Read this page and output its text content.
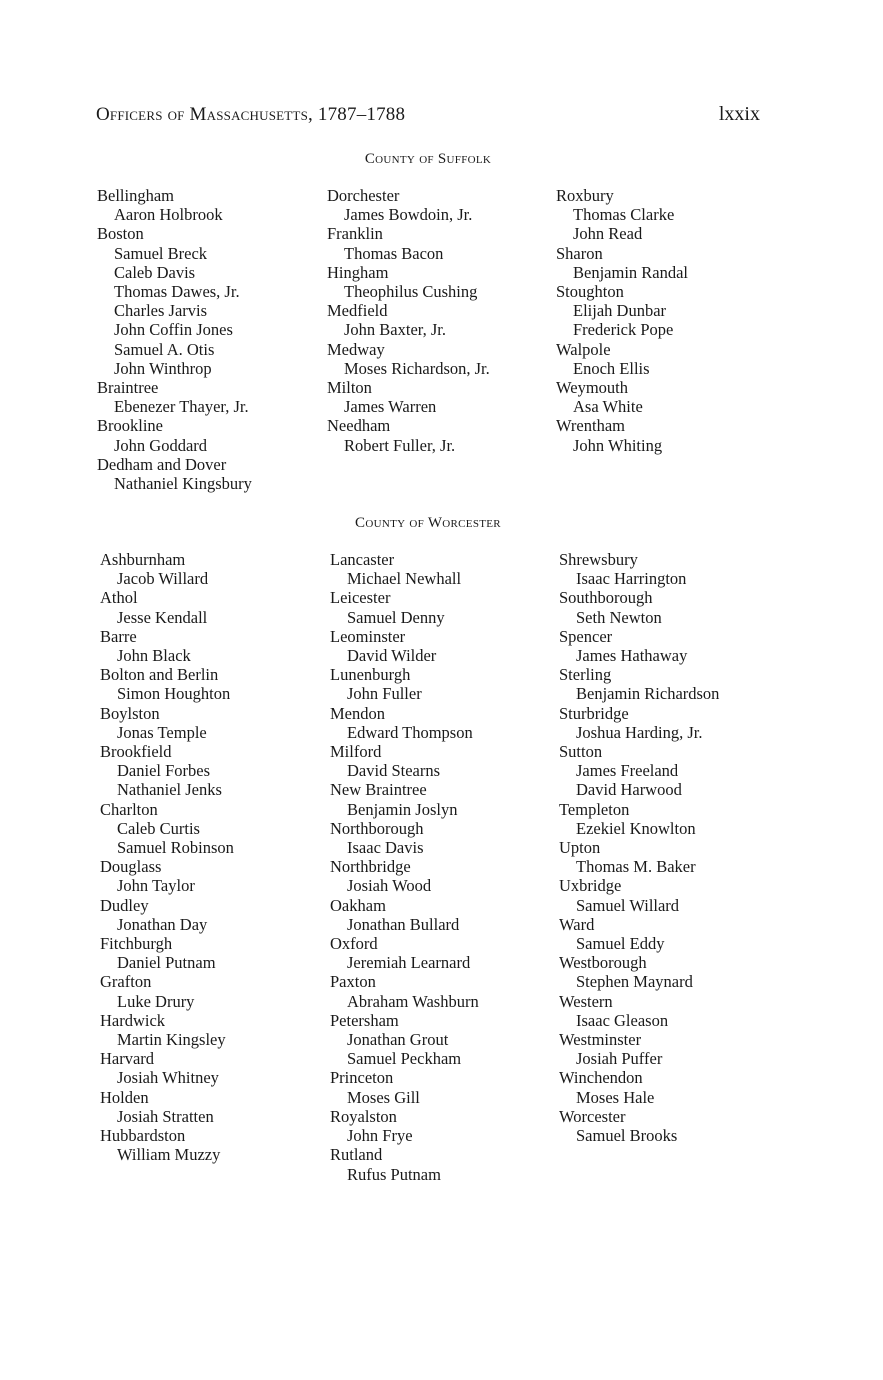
Officers of Massachusetts, 1787–1788	lxxix
County of Suffolk
Bellingham
Aaron Holbrook
Boston
Samuel Breck
Caleb Davis
Thomas Dawes, Jr.
Charles Jarvis
John Coffin Jones
Samuel A. Otis
John Winthrop
Braintree
Ebenezer Thayer, Jr.
Brookline
John Goddard
Dedham and Dover
Nathaniel Kingsbury
Dorchester
James Bowdoin, Jr.
Franklin
Thomas Bacon
Hingham
Theophilus Cushing
Medfield
John Baxter, Jr.
Medway
Moses Richardson, Jr.
Milton
James Warren
Needham
Robert Fuller, Jr.
Roxbury
Thomas Clarke
John Read
Sharon
Benjamin Randal
Stoughton
Elijah Dunbar
Frederick Pope
Walpole
Enoch Ellis
Weymouth
Asa White
Wrentham
John Whiting
County of Worcester
Ashburnham
Jacob Willard
Athol
Jesse Kendall
Barre
John Black
Bolton and Berlin
Simon Houghton
Boylston
Jonas Temple
Brookfield
Daniel Forbes
Nathaniel Jenks
Charlton
Caleb Curtis
Samuel Robinson
Douglass
John Taylor
Dudley
Jonathan Day
Fitchburgh
Daniel Putnam
Grafton
Luke Drury
Hardwick
Martin Kingsley
Harvard
Josiah Whitney
Holden
Josiah Stratten
Hubbardston
William Muzzy
Lancaster
Michael Newhall
Leicester
Samuel Denny
Leominster
David Wilder
Lunenburgh
John Fuller
Mendon
Edward Thompson
Milford
David Stearns
New Braintree
Benjamin Joslyn
Northborough
Isaac Davis
Northbridge
Josiah Wood
Oakham
Jonathan Bullard
Oxford
Jeremiah Learnard
Paxton
Abraham Washburn
Petersham
Jonathan Grout
Samuel Peckham
Princeton
Moses Gill
Royalston
John Frye
Rutland
Rufus Putnam
Shrewsbury
Isaac Harrington
Southborough
Seth Newton
Spencer
James Hathaway
Sterling
Benjamin Richardson
Sturbridge
Joshua Harding, Jr.
Sutton
James Freeland
David Harwood
Templeton
Ezekiel Knowlton
Upton
Thomas M. Baker
Uxbridge
Samuel Willard
Ward
Samuel Eddy
Westborough
Stephen Maynard
Western
Isaac Gleason
Westminster
Josiah Puffer
Winchendon
Moses Hale
Worcester
Samuel Brooks
